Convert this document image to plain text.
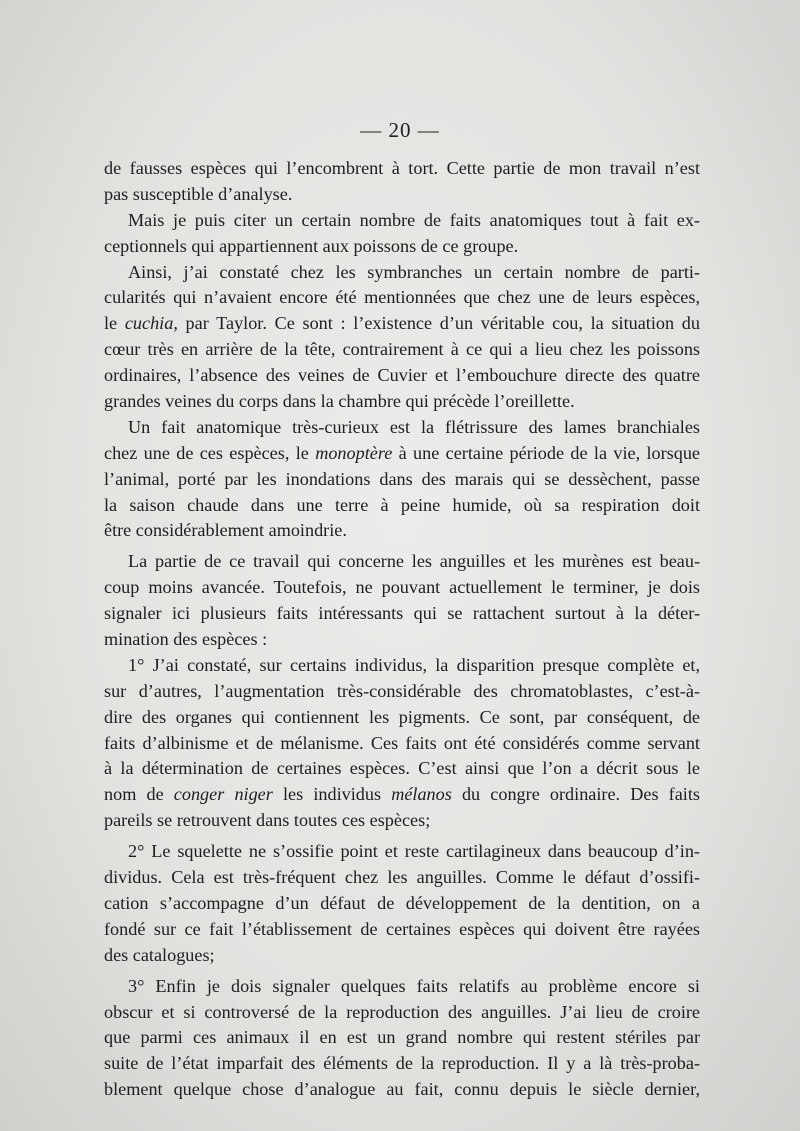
— 20 —
de fausses espèces qui l’encombrent à tort. Cette partie de mon travail n’est
pas susceptible d’analyse.
Mais je puis citer un certain nombre de faits anatomiques tout à fait ex-
ceptionnels qui appartiennent aux poissons de ce groupe.
Ainsi, j’ai constaté chez les symbranches un certain nombre de parti-
cularités qui n’avaient encore été mentionnées que chez une de leurs espèces,
le cuchia, par Taylor. Ce sont : l’existence d’un véritable cou, la situation du
cœur très en arrière de la tête, contrairement à ce qui a lieu chez les poissons
ordinaires, l’absence des veines de Cuvier et l’embouchure directe des quatre
grandes veines du corps dans la chambre qui précède l’oreillette.
Un fait anatomique très-curieux est la flétrissure des lames branchiales
chez une de ces espèces, le monoptère à une certaine période de la vie, lorsque
l’animal, porté par les inondations dans des marais qui se dessèchent, passe
la saison chaude dans une terre à peine humide, où sa respiration doit
être considérablement amoindrie.
La partie de ce travail qui concerne les anguilles et les murènes est beau-
coup moins avancée. Toutefois, ne pouvant actuellement le terminer, je dois
signaler ici plusieurs faits intéressants qui se rattachent surtout à la déter-
mination des espèces :
1° J’ai constaté, sur certains individus, la disparition presque complète et,
sur d’autres, l’augmentation très-considérable des chromatoblastes, c’est-à-
dire des organes qui contiennent les pigments. Ce sont, par conséquent, de
faits d’albinisme et de mélanisme. Ces faits ont été considérés comme servant
à la détermination de certaines espèces. C’est ainsi que l’on a décrit sous le
nom de conger niger les individus mélanos du congre ordinaire. Des faits
pareils se retrouvent dans toutes ces espèces;
2° Le squelette ne s’ossifie point et reste cartilagineux dans beaucoup d’in-
dividus. Cela est très-fréquent chez les anguilles. Comme le défaut d’ossifi-
cation s’accompagne d’un défaut de développement de la dentition, on a
fondé sur ce fait l’établissement de certaines espèces qui doivent être rayées
des catalogues;
3° Enfin je dois signaler quelques faits relatifs au problème encore si
obscur et si controversé de la reproduction des anguilles. J’ai lieu de croire
que parmi ces animaux il en est un grand nombre qui restent stériles par
suite de l’état imparfait des éléments de la reproduction. Il y a là très-proba-
blement quelque chose d’analogue au fait, connu depuis le siècle dernier,
